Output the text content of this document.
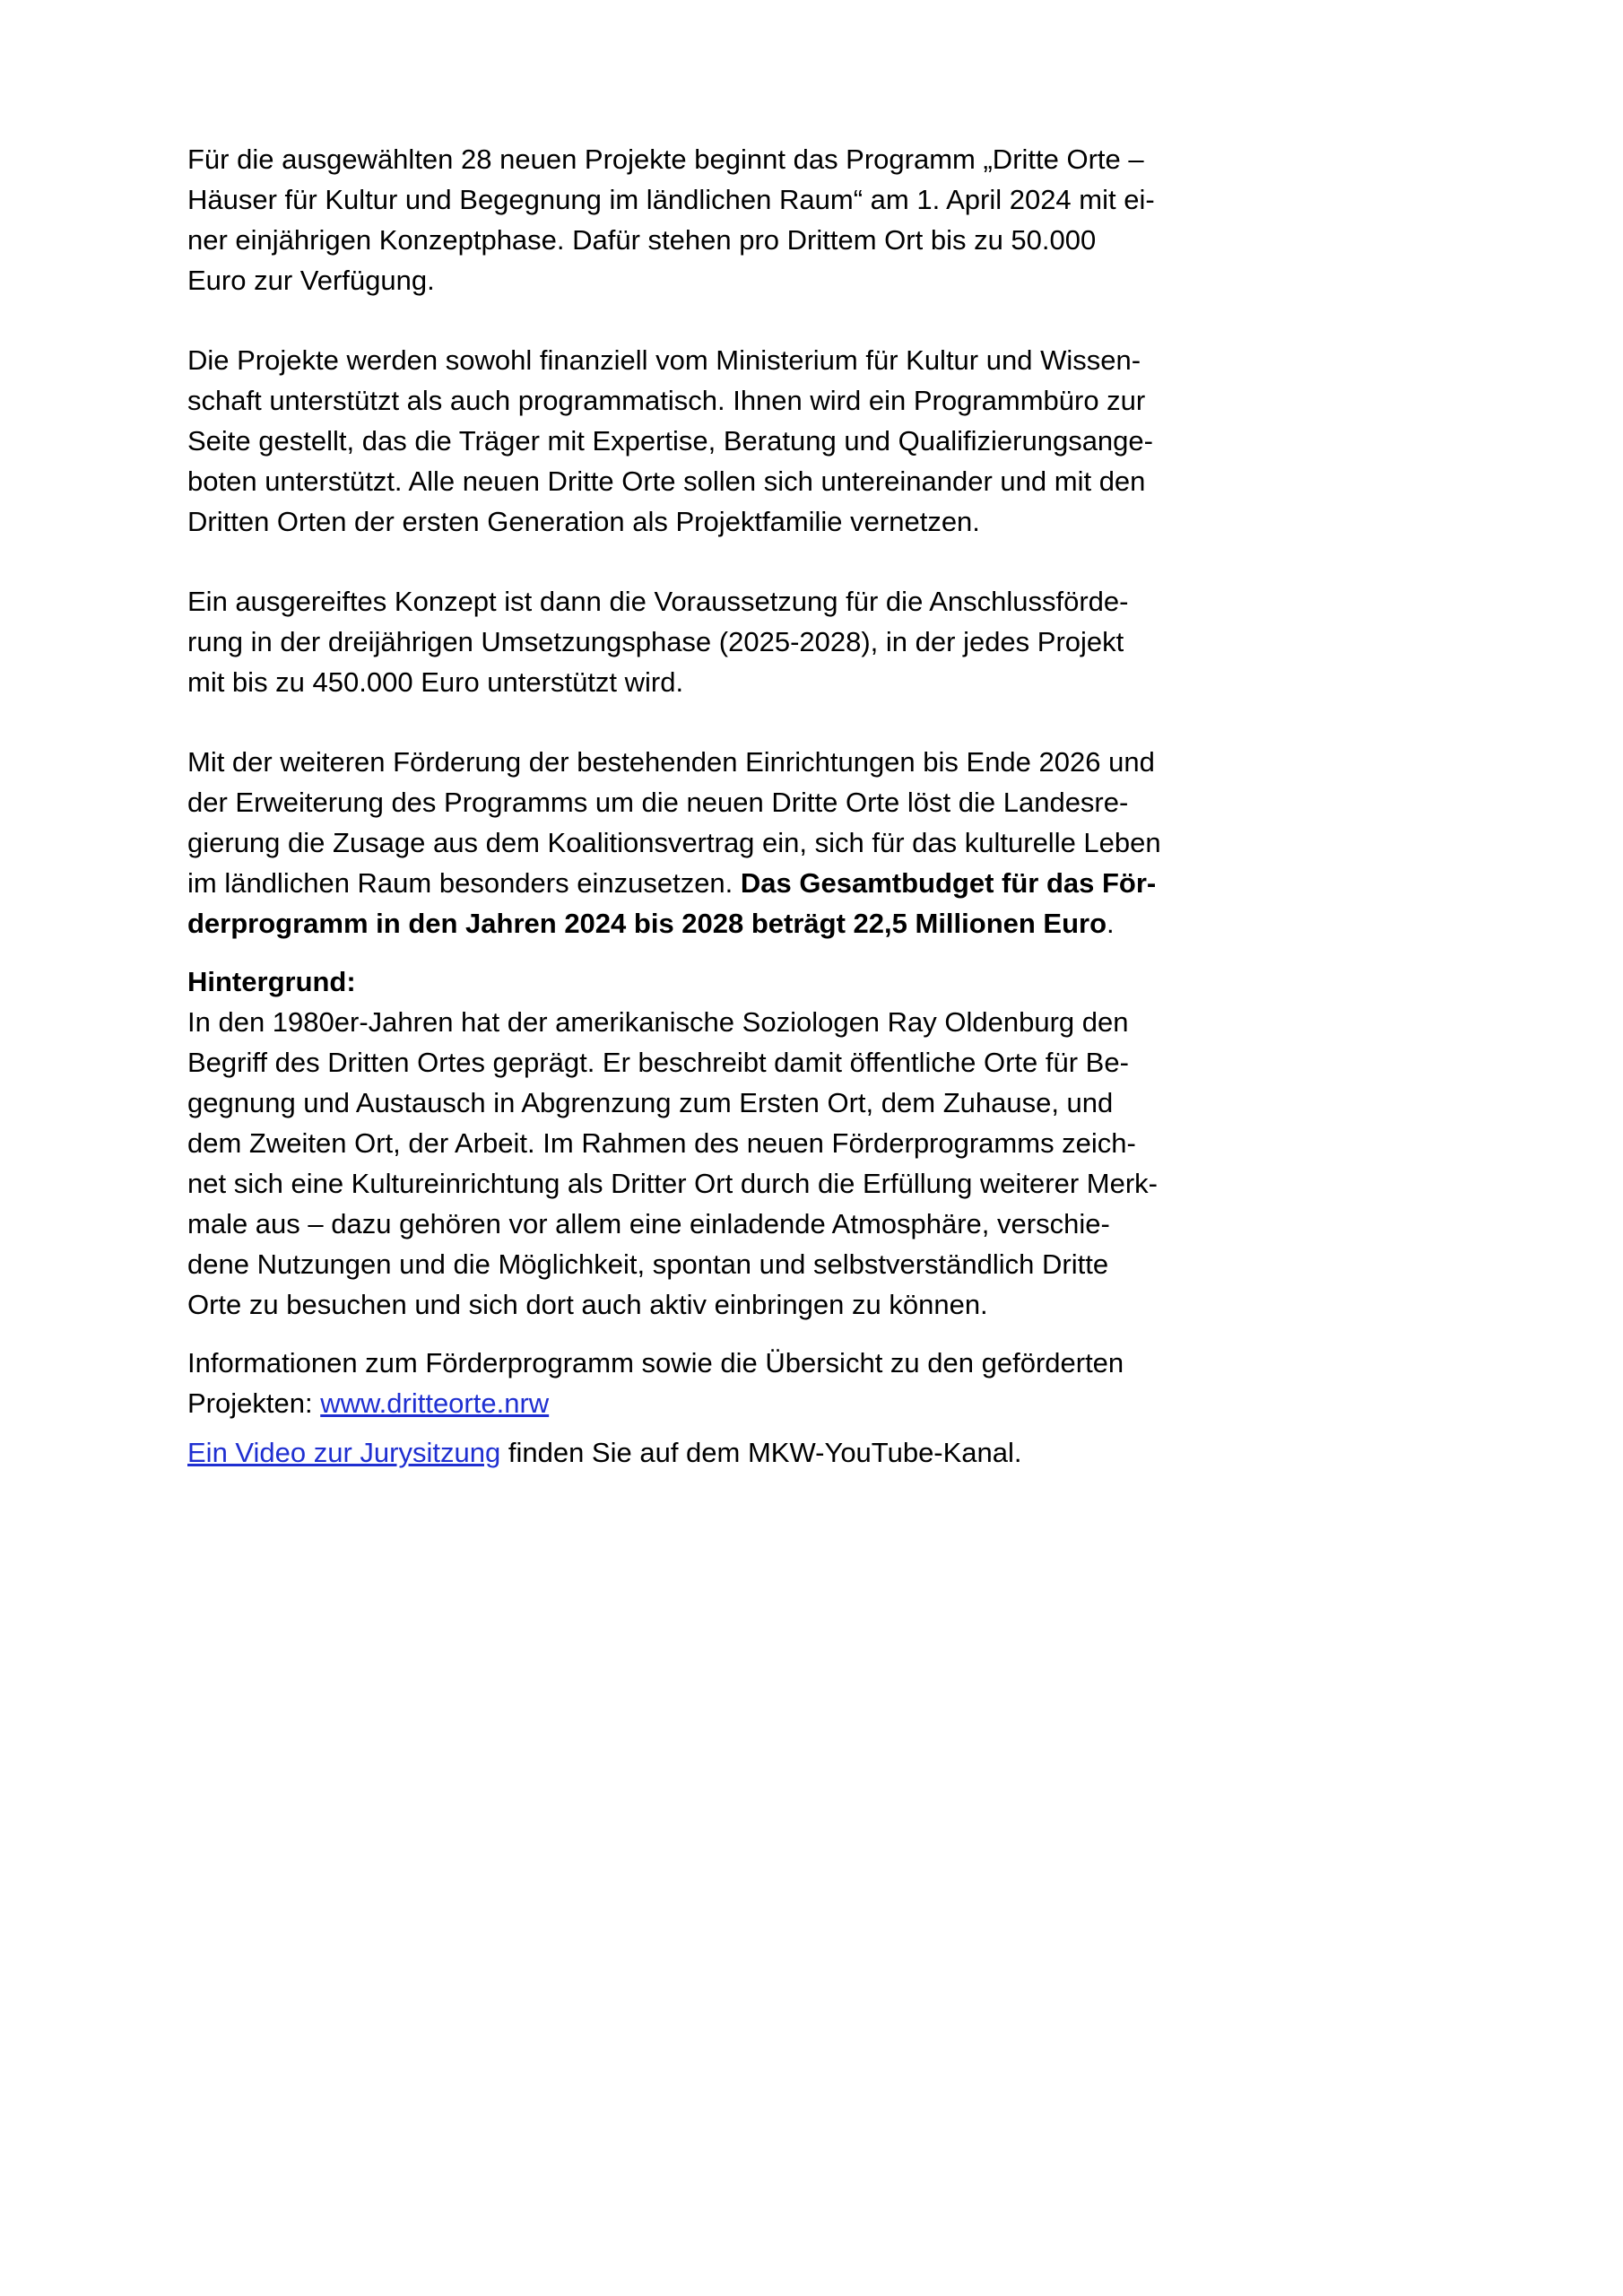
Für die ausgewählten 28 neuen Projekte beginnt das Programm „Dritte Orte –
Häuser für Kultur und Begegnung im ländlichen Raum“ am 1. April 2024 mit ei-
ner einjährigen Konzeptphase. Dafür stehen pro Drittem Ort bis zu 50.000
Euro zur Verfügung.

Die Projekte werden sowohl finanziell vom Ministerium für Kultur und Wissen-
schaft unterstützt als auch programmatisch. Ihnen wird ein Programmbüro zur
Seite gestellt, das die Träger mit Expertise, Beratung und Qualifizierungsange-
boten unterstützt. Alle neuen Dritte Orte sollen sich untereinander und mit den
Dritten Orten der ersten Generation als Projektfamilie vernetzen.

Ein ausgereiftes Konzept ist dann die Voraussetzung für die Anschlussförde-
rung in der dreijährigen Umsetzungsphase (2025-2028), in der jedes Projekt
mit bis zu 450.000 Euro unterstützt wird.

Mit der weiteren Förderung der bestehenden Einrichtungen bis Ende 2026 und
der Erweiterung des Programms um die neuen Dritte Orte löst die Landesre-
gierung die Zusage aus dem Koalitionsvertrag ein, sich für das kulturelle Leben
im ländlichen Raum besonders einzusetzen. Das Gesamtbudget für das För-
derprogramm in den Jahren 2024 bis 2028 beträgt 22,5 Millionen Euro.

Hintergrund:
In den 1980er-Jahren hat der amerikanische Soziologen Ray Oldenburg den
Begriff des Dritten Ortes geprägt. Er beschreibt damit öffentliche Orte für Be-
gegnung und Austausch in Abgrenzung zum Ersten Ort, dem Zuhause, und
dem Zweiten Ort, der Arbeit. Im Rahmen des neuen Förderprogramms zeich-
net sich eine Kultureinrichtung als Dritter Ort durch die Erfüllung weiterer Merk-
male aus – dazu gehören vor allem eine einladende Atmosphäre, verschie-
dene Nutzungen und die Möglichkeit, spontan und selbstverständlich Dritte
Orte zu besuchen und sich dort auch aktiv einbringen zu können.

Informationen zum Förderprogramm sowie die Übersicht zu den geförderten
Projekten: www.dritteorte.nrw

Ein Video zur Jurysitzung finden Sie auf dem MKW-YouTube-Kanal.
